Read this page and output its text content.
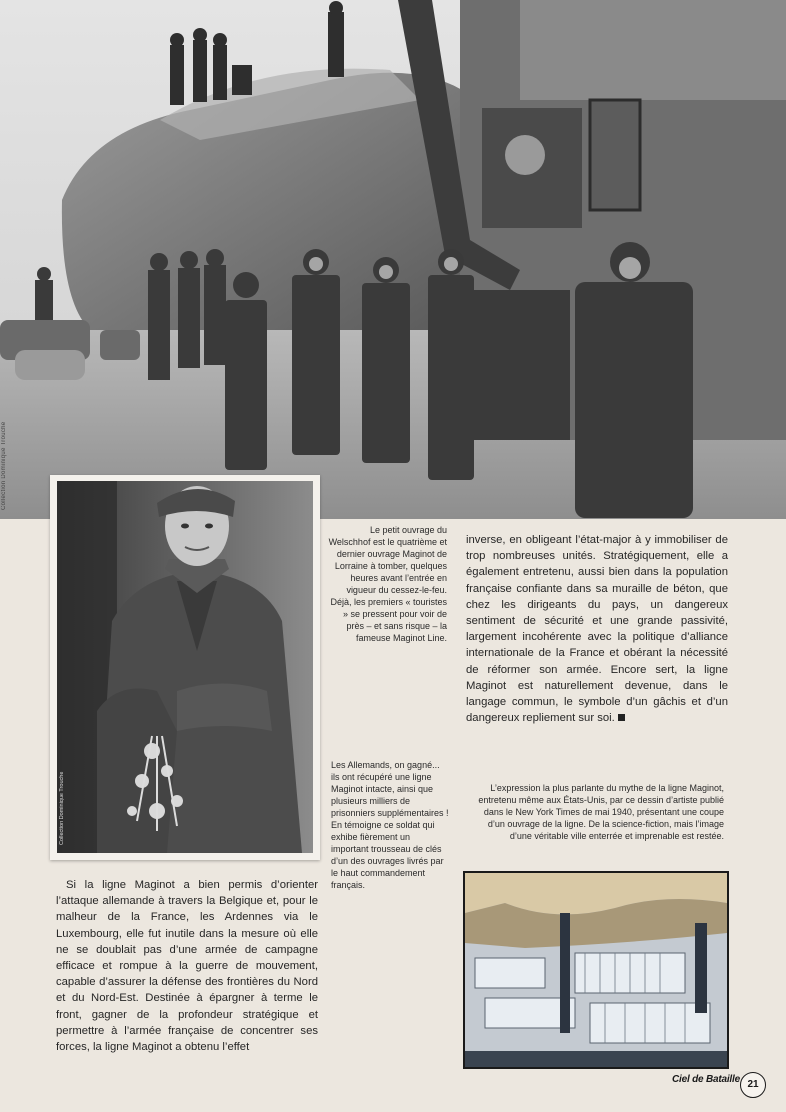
Collection Dominique Trouche
Collection Dominique Trouche
Le petit ouvrage du Welschhof est le quatrième et dernier ouvrage Maginot de Lorraine à tomber, quelques heures avant l’entrée en vigueur du cessez-le-feu. Déjà, les premiers « touristes » se pressent pour voir de près – et sans risque – la fameuse Maginot Line.
Les Allemands, on gagné... ils ont récupéré une ligne Maginot intacte, ainsi que plusieurs milliers de prisonniers supplémentaires ! En témoigne ce soldat qui exhibe fièrement un important trousseau de clés d’un des ouvrages livrés par le haut commandement français.
L’expression la plus parlante du mythe de la ligne Maginot, entretenu même aux États-Unis, par ce dessin d’artiste publié dans le New York Times de mai 1940, présentant une coupe d’un ouvrage de la ligne. De la science-fiction, mais l’image d’une véritable ville enterrée et imprenable est restée.
inverse, en obligeant l’état-major à y immobiliser de trop nombreuses unités. Stratégiquement, elle a également entretenu, aussi bien dans la population française confiante dans sa muraille de béton, que chez les dirigeants du pays, un dangereux sentiment de sécurité et une grande passivité, largement incohérente avec la politique d’alliance internationale de la France et obérant la nécessité de réformer son armée. Encore sert, la ligne Maginot est naturellement devenue, dans le langage commun, le symbole d’un gâchis et d’un dangereux repliement sur soi.
Si la ligne Maginot a bien permis d’orienter l’attaque allemande à travers la Belgique et, pour le malheur de la France, les Ardennes via le Luxembourg, elle fut inutile dans la mesure où elle ne se doublait pas d’une armée de campagne efficace et rompue à la guerre de mouvement, capable d’assurer la défense des frontières du Nord et du Nord-Est. Destinée à épargner à terme le front, gagner de la profondeur stratégique et permettre à l’armée française de concentrer ses forces, la ligne Maginot a obtenu l’effet
Ciel de Bataille 21
